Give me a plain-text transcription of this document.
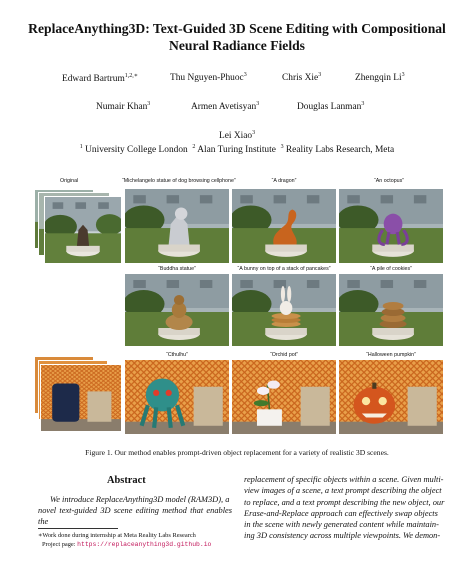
ReplaceAnything3D: Text-Guided 3D Scene Editing with Compositional Neural Radiance Fields
Edward Bartrum$^{1,2,∗}$	Thu Nguyen-Phuoc$^3$	Chris Xie$^3$	Zhengqin Li$^3$
Numair Khan$^3$	Armen Avetisyan$^3$	Douglas Lanman$^3$
Lei Xiao$^3$
$^1$ University College London $^2$ Alan Turing Institute $^3$ Reality Labs Research, Meta
Original	“Michelangelo statue of dog browsing cellphone”	“A dragon”	“An octopus”
“Buddha statue”	“A bunny on top of a stack of pancakes”	“A pile of cookies”
“Cthulhu”	“Orchid pot”	“Halloween pumpkin”
Figure 1. Our method enables prompt-driven object replacement for a variety of realistic 3D scenes.
Abstract
We introduce ReplaceAnything3D model (RAM3D), a
novel text-guided 3D scene editing method that enables the
replacement of specific objects within a scene. Given multi-
view images of a scene, a text prompt describing the object
to replace, and a text prompt describing the new object, our
Erase-and-Replace approach can effectively swap objects
in the scene with newly generated content while maintain-
ing 3D consistency across multiple viewpoints. We demon-
∗Work done during internship at Meta Reality Labs Research
Project page: https://replaceanything3d.github.io
